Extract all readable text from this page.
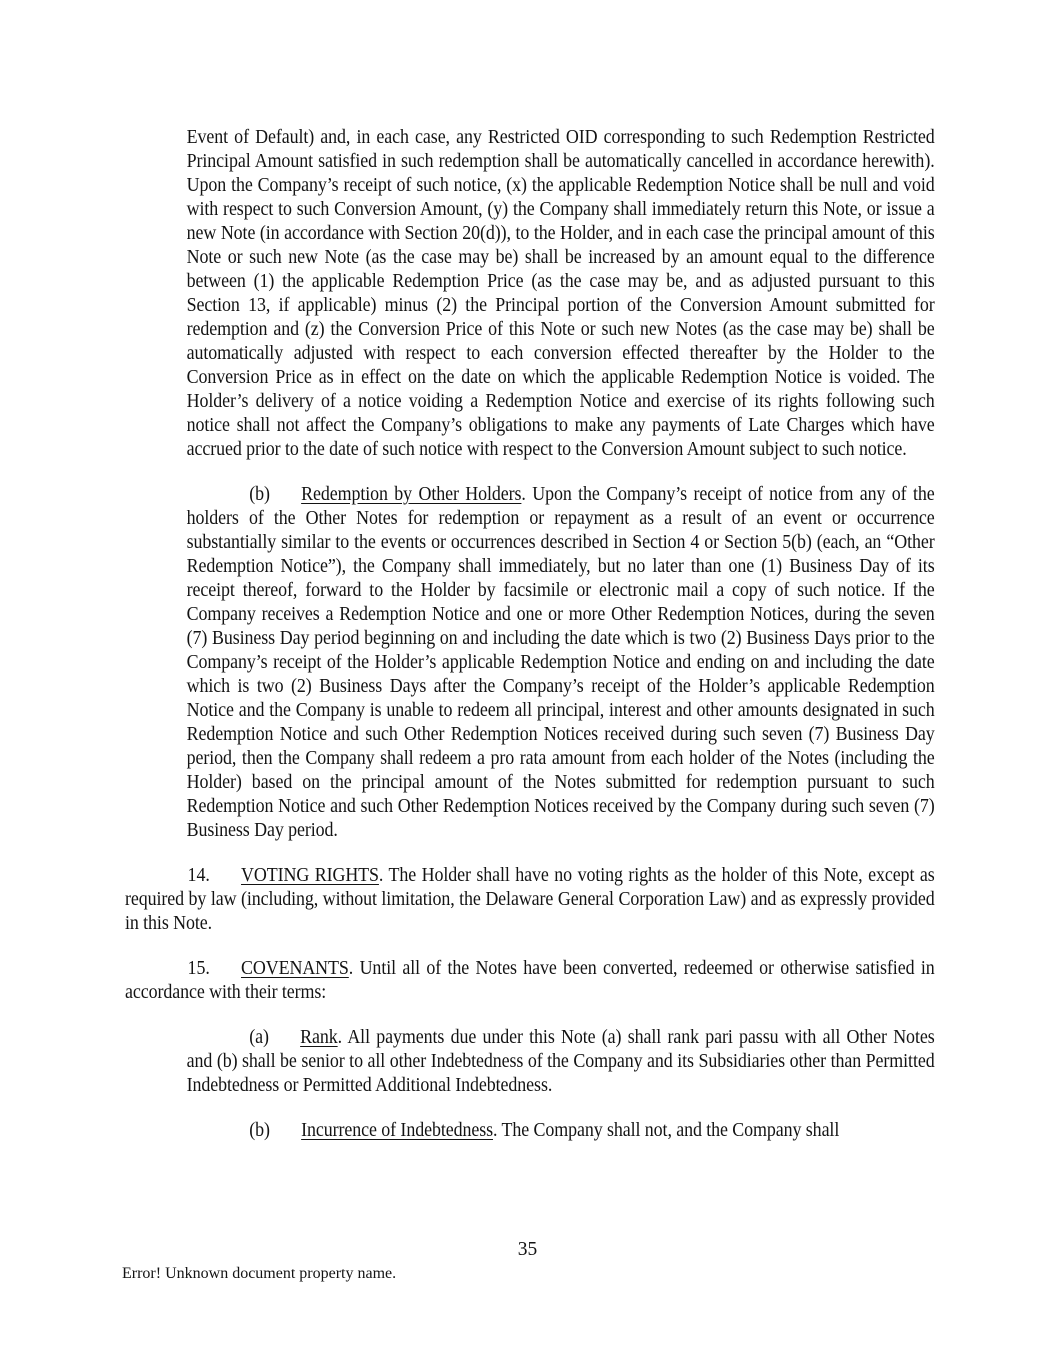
Event of Default) and, in each case, any Restricted OID corresponding to such Redemption Restricted Principal Amount satisfied in such redemption shall be automatically cancelled in accordance herewith). Upon the Company’s receipt of such notice, (x) the applicable Redemption Notice shall be null and void with respect to such Conversion Amount, (y) the Company shall immediately return this Note, or issue a new Note (in accordance with Section 20(d)), to the Holder, and in each case the principal amount of this Note or such new Note (as the case may be) shall be increased by an amount equal to the difference between (1) the applicable Redemption Price (as the case may be, and as adjusted pursuant to this Section 13, if applicable) minus (2) the Principal portion of the Conversion Amount submitted for redemption and (z) the Conversion Price of this Note or such new Notes (as the case may be) shall be automatically adjusted with respect to each conversion effected thereafter by the Holder to the Conversion Price as in effect on the date on which the applicable Redemption Notice is voided. The Holder’s delivery of a notice voiding a Redemption Notice and exercise of its rights following such notice shall not affect the Company’s obligations to make any payments of Late Charges which have accrued prior to the date of such notice with respect to the Conversion Amount subject to such notice.

(b) Redemption by Other Holders. Upon the Company’s receipt of notice from any of the holders of the Other Notes for redemption or repayment as a result of an event or occurrence substantially similar to the events or occurrences described in Section 4 or Section 5(b) (each, an “Other Redemption Notice”), the Company shall immediately, but no later than one (1) Business Day of its receipt thereof, forward to the Holder by facsimile or electronic mail a copy of such notice. If the Company receives a Redemption Notice and one or more Other Redemption Notices, during the seven (7) Business Day period beginning on and including the date which is two (2) Business Days prior to the Company’s receipt of the Holder’s applicable Redemption Notice and ending on and including the date which is two (2) Business Days after the Company’s receipt of the Holder’s applicable Redemption Notice and the Company is unable to redeem all principal, interest and other amounts designated in such Redemption Notice and such Other Redemption Notices received during such seven (7) Business Day period, then the Company shall redeem a pro rata amount from each holder of the Notes (including the Holder) based on the principal amount of the Notes submitted for redemption pursuant to such Redemption Notice and such Other Redemption Notices received by the Company during such seven (7) Business Day period.

14. VOTING RIGHTS. The Holder shall have no voting rights as the holder of this Note, except as required by law (including, without limitation, the Delaware General Corporation Law) and as expressly provided in this Note.

15. COVENANTS. Until all of the Notes have been converted, redeemed or otherwise satisfied in accordance with their terms:

(a) Rank. All payments due under this Note (a) shall rank pari passu with all Other Notes and (b) shall be senior to all other Indebtedness of the Company and its Subsidiaries other than Permitted Indebtedness or Permitted Additional Indebtedness.

(b) Incurrence of Indebtedness. The Company shall not, and the Company shall

35
Error! Unknown document property name.
